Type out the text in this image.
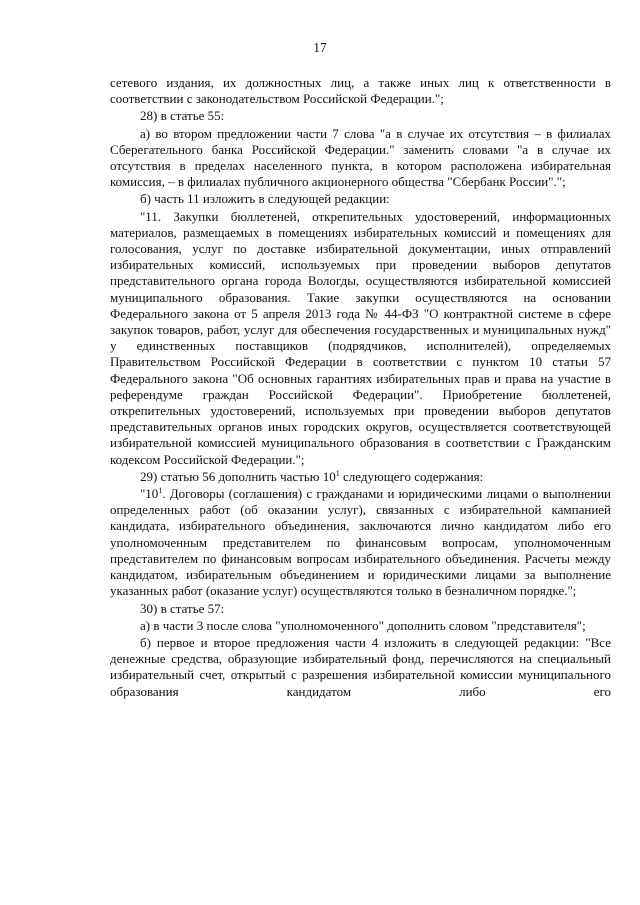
17

сетевого издания, их должностных лиц, а также иных лиц к ответственности в соответствии с законодательством Российской Федерации.";

28) в статье 55:

а) во втором предложении части 7 слова "а в случае их отсутствия – в филиалах Сберегательного банка Российской Федерации." заменить словами "а в случае их отсутствия в пределах населенного пункта, в котором расположена избирательная комиссия, – в филиалах публичного акционерного общества "Сбербанк России".";

б) часть 11 изложить в следующей редакции:

"11. Закупки бюллетеней, открепительных удостоверений, информационных материалов, размещаемых в помещениях избирательных комиссий и помещениях для голосования, услуг по доставке избирательной документации, иных отправлений избирательных комиссий, используемых при проведении выборов депутатов представительного органа города Вологды, осуществляются избирательной комиссией муниципального образования. Такие закупки осуществляются на основании Федерального закона от 5 апреля 2013 года № 44-ФЗ "О контрактной системе в сфере закупок товаров, работ, услуг для обеспечения государственных и муниципальных нужд" у единственных поставщиков (подрядчиков, исполнителей), определяемых Правительством Российской Федерации в соответствии с пунктом 10 статьи 57 Федерального закона "Об основных гарантиях избирательных прав и права на участие в референдуме граждан Российской Федерации". Приобретение бюллетеней, открепительных удостоверений, используемых при проведении выборов депутатов представительных органов иных городских округов, осуществляется соответствующей избирательной комиссией муниципального образования в соответствии с Гражданским кодексом Российской Федерации.";

29) статью 56 дополнить частью $10^1$ следующего содержания:

"$10^1$. Договоры (соглашения) с гражданами и юридическими лицами о выполнении определенных работ (об оказании услуг), связанных с избирательной кампанией кандидата, избирательного объединения, заключаются лично кандидатом либо его уполномоченным представителем по финансовым вопросам, уполномоченным представителем по финансовым вопросам избирательного объединения. Расчеты между кандидатом, избирательным объединением и юридическими лицами за выполнение указанных работ (оказание услуг) осуществляются только в безналичном порядке.";

30) в статье 57:

а) в части 3 после слова "уполномоченного" дополнить словом "представителя";

б) первое и второе предложения части 4 изложить в следующей редакции: "Все денежные средства, образующие избирательный фонд, перечисляются на специальный избирательный счет, открытый с разрешения избирательной комиссии муниципального образования кандидатом либо его
